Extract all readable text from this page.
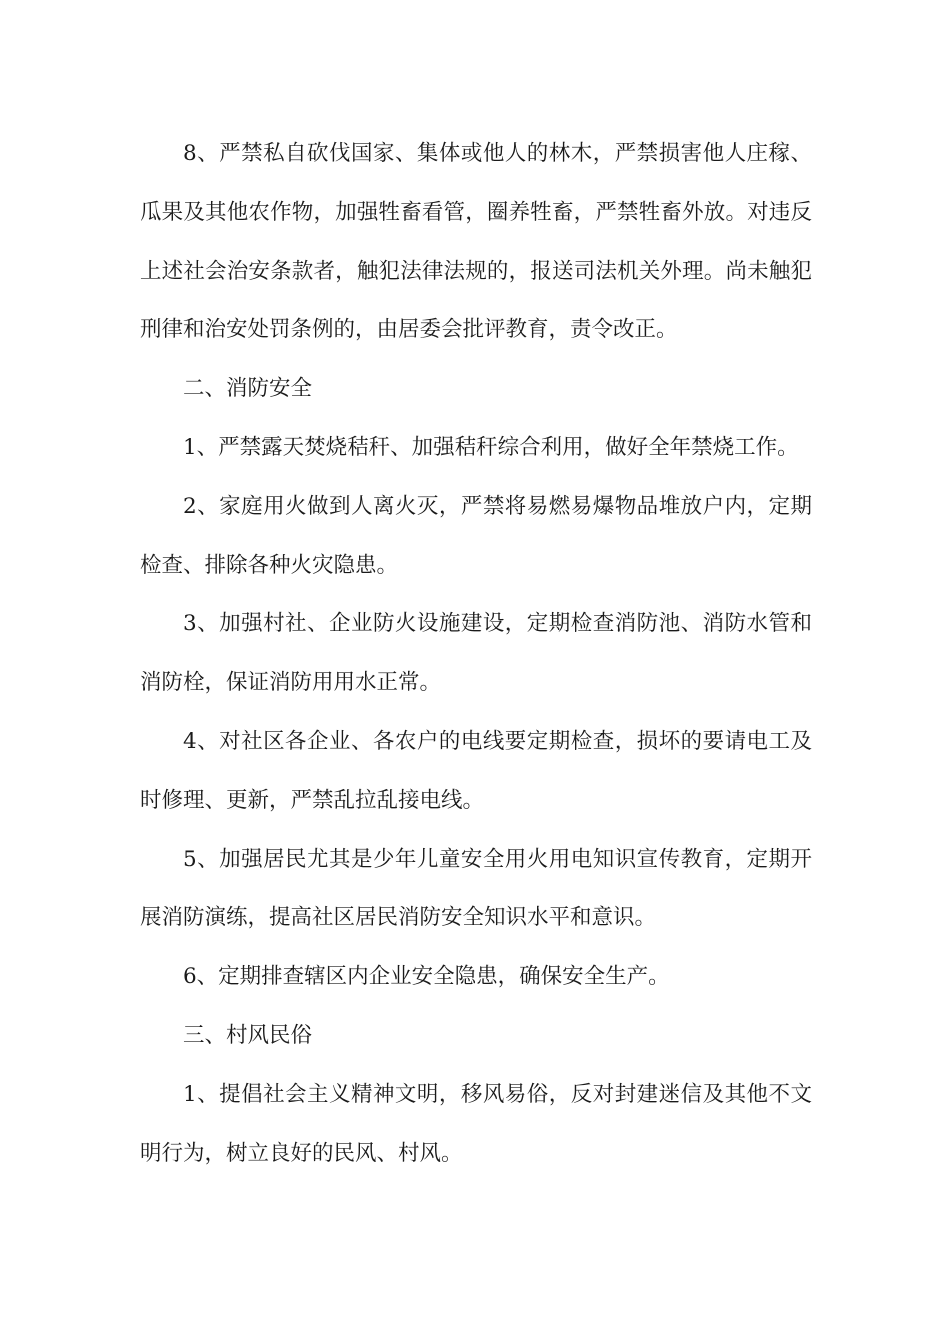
8、严禁私自砍伐国家、集体或他人的林木，严禁损害他人庄稼、瓜果及其他农作物，加强牲畜看管，圈养牲畜，严禁牲畜外放。对违反上述社会治安条款者，触犯法律法规的，报送司法机关外理。尚未触犯刑律和治安处罚条例的，由居委会批评教育，责令改正。

二、消防安全

1、严禁露天焚烧秸秆、加强秸秆综合利用，做好全年禁烧工作。

2、家庭用火做到人离火灭，严禁将易燃易爆物品堆放户内，定期检查、排除各种火灾隐患。

3、加强村社、企业防火设施建设，定期检查消防池、消防水管和消防栓，保证消防用用水正常。

4、对社区各企业、各农户的电线要定期检查，损坏的要请电工及时修理、更新，严禁乱拉乱接电线。

5、加强居民尤其是少年儿童安全用火用电知识宣传教育，定期开展消防演练，提高社区居民消防安全知识水平和意识。

6、定期排查辖区内企业安全隐患，确保安全生产。

三、村风民俗

1、提倡社会主义精神文明，移风易俗，反对封建迷信及其他不文明行为，树立良好的民风、村风。
